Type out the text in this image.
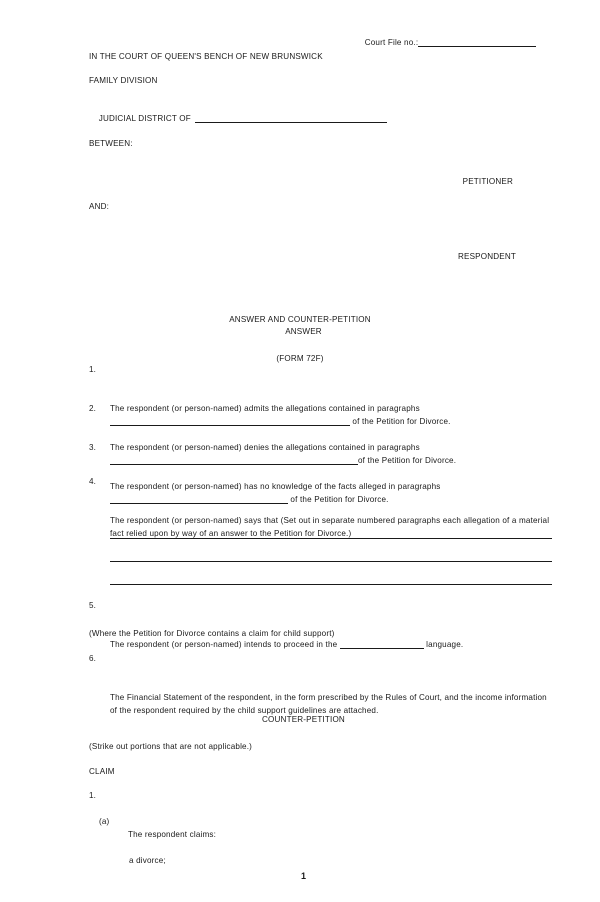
Court File no.:

IN THE COURT OF QUEEN'S BENCH OF NEW BRUNSWICK
FAMILY DIVISION

JUDICIAL DISTRICT OF

BETWEEN:
PETITIONER
AND:
RESPONDENT

ANSWER AND COUNTER-PETITION

(FORM 72F)

ANSWER

1.

The respondent (or person-named) admits the allegations contained in paragraphs
of the Petition for Divorce.

2.

The respondent (or person-named) denies the allegations contained in paragraphs
of the Petition for Divorce.

3.

The respondent (or person-named) has no knowledge of the facts alleged in paragraphs
of the Petition for Divorce.

4.

The respondent (or person-named) says that (Set out in separate numbered paragraphs each allegation of a material fact relied upon by way of an answer to the Petition for Divorce.)

5.

The respondent (or person-named) intends to proceed in the	language.

(Where the Petition for Divorce contains a claim for child support)

6.

The Financial Statement of the respondent, in the form prescribed by the Rules of Court, and the income information of the respondent required by the child support guidelines are attached.

COUNTER-PETITION
(Strike out portions that are not applicable.)
CLAIM

1.

The respondent claims:

(a)

a divorce;

1
